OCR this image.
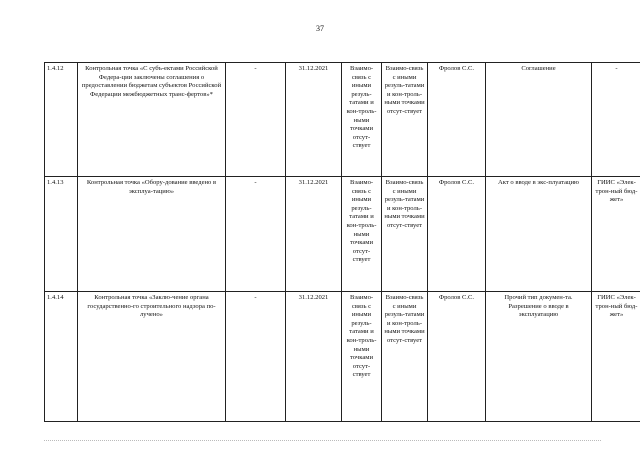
37
1.4.12	Контрольная точка «С субъ-ектами Российской Федера-ции заключены соглашения о предоставлении бюджетам субъектов Российской Федерации межбюджетных транс-фертов»*	-	31.12.2021	Взаимо-связь с иными резуль-татами и кон-троль-ными точками отсут-ствует	Взаимо-связь с иными резуль-татами и кон-троль-ными точками отсут-ствует	Фролов С.С.	Соглашение	-
1.4.13	Контрольная точка «Обору-дование введено в эксплуа-тацию»	-	31.12.2021	Взаимо-связь с иными резуль-татами и кон-троль-ными точками отсут-ствует	Взаимо-связь с иными резуль-татами и кон-троль-ными точками отсут-ствует	Фролов С.С.	Акт о вводе в экс-плуатацию	ГИИС «Элек-трон-ный бюд-жет»
1.4.14	Контрольная точка «Заклю-чение органа государственно-го строительного надзора по-лучено»	-	31.12.2021	Взаимо-связь с иными резуль-татами и кон-троль-ными точками отсут-ствует	Взаимо-связь с иными резуль-татами и кон-троль-ными точками отсут-ствует	Фролов С.С.	Прочий тип докумен-та. Разрешение о вводе в эксплуатацию	ГИИС «Элек-трон-ный бюд-жет»
